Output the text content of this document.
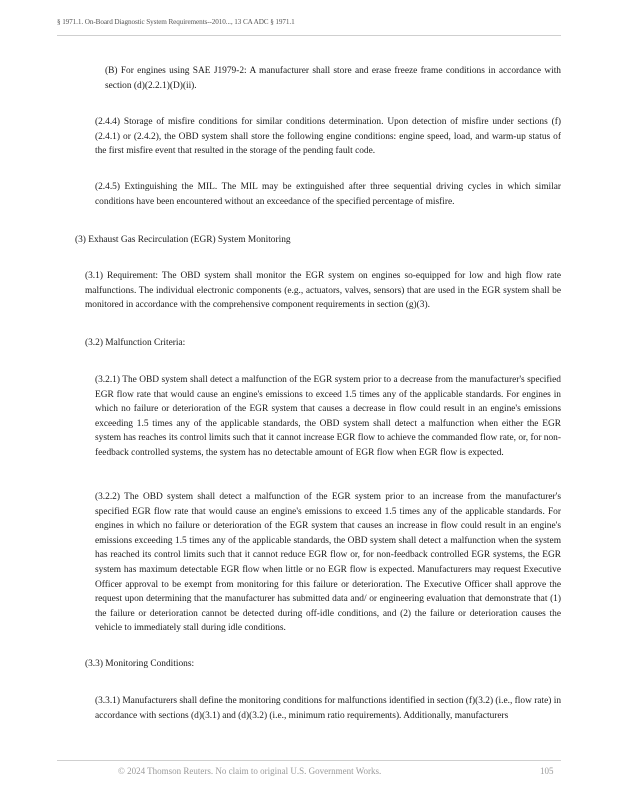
§ 1971.1. On-Board Diagnostic System Requirements--2010..., 13 CA ADC § 1971.1

(B) For engines using SAE J1979-2: A manufacturer shall store and erase freeze frame conditions in accordance with section (d)(2.2.1)(D)(ii).

(2.4.4) Storage of misfire conditions for similar conditions determination. Upon detection of misfire under sections (f)(2.4.1) or (2.4.2), the OBD system shall store the following engine conditions: engine speed, load, and warm-up status of the first misfire event that resulted in the storage of the pending fault code.

(2.4.5) Extinguishing the MIL. The MIL may be extinguished after three sequential driving cycles in which similar conditions have been encountered without an exceedance of the specified percentage of misfire.

(3) Exhaust Gas Recirculation (EGR) System Monitoring

(3.1) Requirement: The OBD system shall monitor the EGR system on engines so-equipped for low and high flow rate malfunctions. The individual electronic components (e.g., actuators, valves, sensors) that are used in the EGR system shall be monitored in accordance with the comprehensive component requirements in section (g)(3).

(3.2) Malfunction Criteria:

(3.2.1) The OBD system shall detect a malfunction of the EGR system prior to a decrease from the manufacturer's specified EGR flow rate that would cause an engine's emissions to exceed 1.5 times any of the applicable standards. For engines in which no failure or deterioration of the EGR system that causes a decrease in flow could result in an engine's emissions exceeding 1.5 times any of the applicable standards, the OBD system shall detect a malfunction when either the EGR system has reaches its control limits such that it cannot increase EGR flow to achieve the commanded flow rate, or, for non-feedback controlled systems, the system has no detectable amount of EGR flow when EGR flow is expected.

(3.2.2) The OBD system shall detect a malfunction of the EGR system prior to an increase from the manufacturer's specified EGR flow rate that would cause an engine's emissions to exceed 1.5 times any of the applicable standards. For engines in which no failure or deterioration of the EGR system that causes an increase in flow could result in an engine's emissions exceeding 1.5 times any of the applicable standards, the OBD system shall detect a malfunction when the system has reached its control limits such that it cannot reduce EGR flow or, for non-feedback controlled EGR systems, the EGR system has maximum detectable EGR flow when little or no EGR flow is expected. Manufacturers may request Executive Officer approval to be exempt from monitoring for this failure or deterioration. The Executive Officer shall approve the request upon determining that the manufacturer has submitted data and/ or engineering evaluation that demonstrate that (1) the failure or deterioration cannot be detected during off-idle conditions, and (2) the failure or deterioration causes the vehicle to immediately stall during idle conditions.

(3.3) Monitoring Conditions:

(3.3.1) Manufacturers shall define the monitoring conditions for malfunctions identified in section (f)(3.2) (i.e., flow rate) in accordance with sections (d)(3.1) and (d)(3.2) (i.e., minimum ratio requirements). Additionally, manufacturers

© 2024 Thomson Reuters. No claim to original U.S. Government Works.	105
